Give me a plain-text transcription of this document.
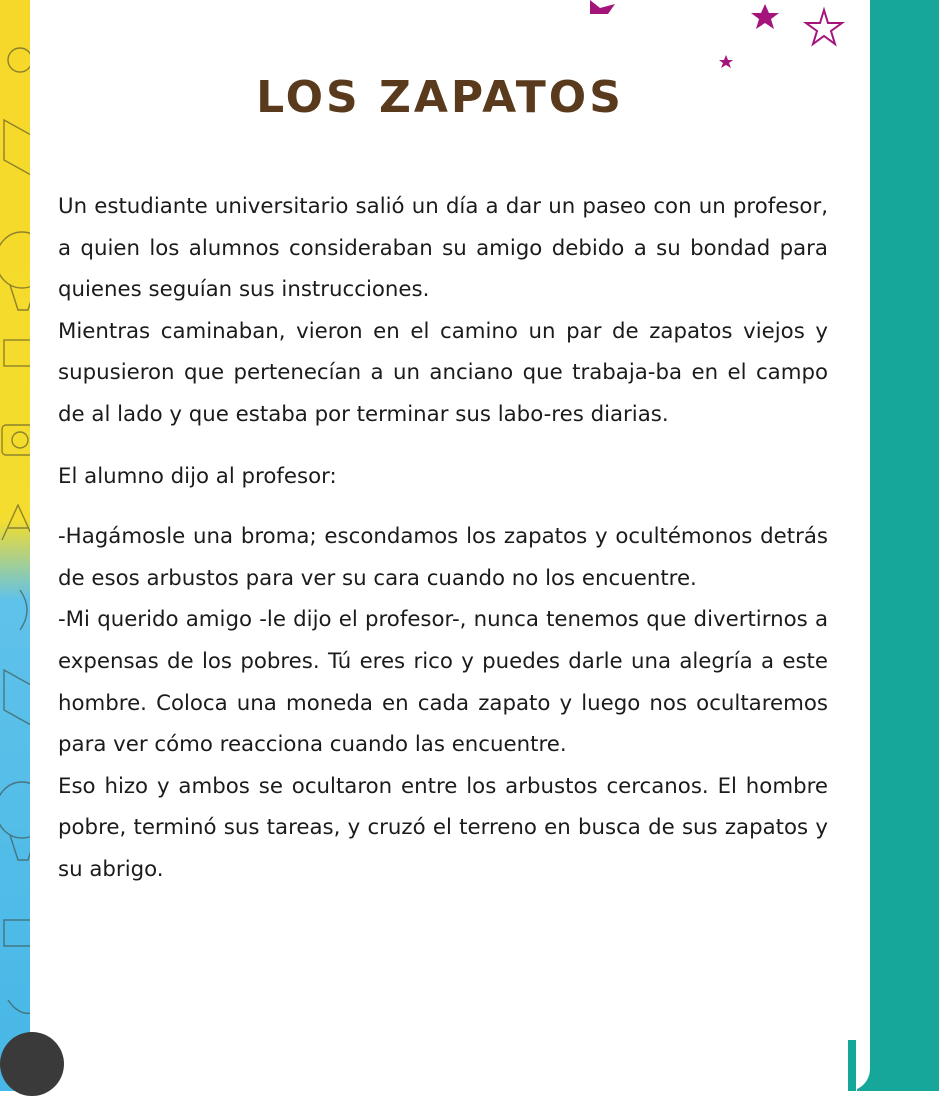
LOS ZAPATOS

Un estudiante universitario salió un día a dar un paseo con un profesor, a quien los alumnos consideraban su amigo debido a su bondad para quienes seguían sus instrucciones.

Mientras caminaban, vieron en el camino un par de zapatos viejos y supusieron que pertenecían a un anciano que trabaja-ba en el campo de al lado y que estaba por terminar sus labo-res diarias.

El alumno dijo al profesor:

-Hagámosle una broma; escondamos los zapatos y ocultémonos detrás de esos arbustos para ver su cara cuando no los encuentre.

-Mi querido amigo -le dijo el profesor-, nunca tenemos que divertirnos a expensas de los pobres. Tú eres rico y puedes darle una alegría a este hombre. Coloca una moneda en cada zapato y luego nos ocultaremos para ver cómo reacciona cuando las encuentre.

Eso hizo y ambos se ocultaron entre los arbustos cercanos. El hombre pobre, terminó sus tareas, y cruzó el terreno en busca de sus zapatos y su abrigo.
